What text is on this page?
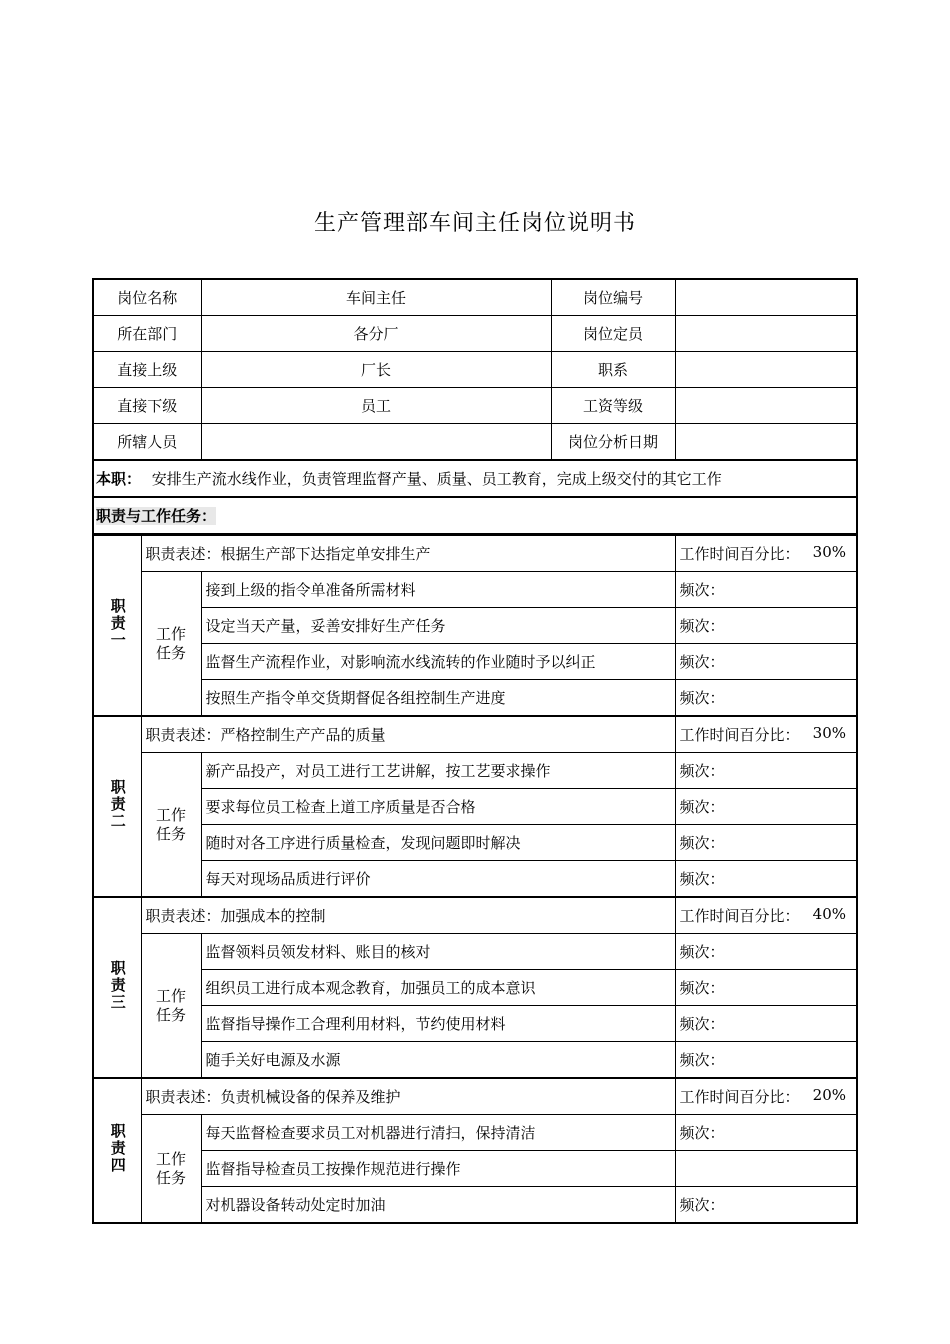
生产管理部车间主任岗位说明书
岗位名称	车间主任	岗位编号	
所在部门	各分厂	岗位定员	
直接上级	厂长	职系	
直接下级	员工	工资等级	
所辖人员		岗位分析日期	
本职： 安排生产流水线作业，负责管理监督产量、质量、员工教育，完成上级交付的其它工作			
职责与工作任务：			
职责一	职责表述：根据生产部下达指定单安排生产		工作时间百分比： 30%

	工作任务	接到上级的指令单准备所需材料	频次：
		设定当天产量，妥善安排好生产任务	频次：
		监督生产流程作业，对影响流水线流转的作业随时予以纠正	频次：
		按照生产指令单交货期督促各组控制生产进度	频次：
职责二	职责表述：严格控制生产产品的质量		工作时间百分比： 30%

	工作任务	新产品投产，对员工进行工艺讲解，按工艺要求操作	频次：
		要求每位员工检查上道工序质量是否合格	频次：
		随时对各工序进行质量检查，发现问题即时解决	频次：
		每天对现场品质进行评价	频次：
职责三	职责表述：加强成本的控制		工作时间百分比： 40%

	工作任务	监督领料员领发材料、账目的核对	频次：
		组织员工进行成本观念教育，加强员工的成本意识	频次：
		监督指导操作工合理利用材料，节约使用材料	频次：
		随手关好电源及水源	频次：
职责四	职责表述：负责机械设备的保养及维护		工作时间百分比： 20%

	工作任务	每天监督检查要求员工对机器进行清扫，保持清洁	频次：
		监督指导检查员工按操作规范进行操作	
		对机器设备转动处定时加油	频次：
